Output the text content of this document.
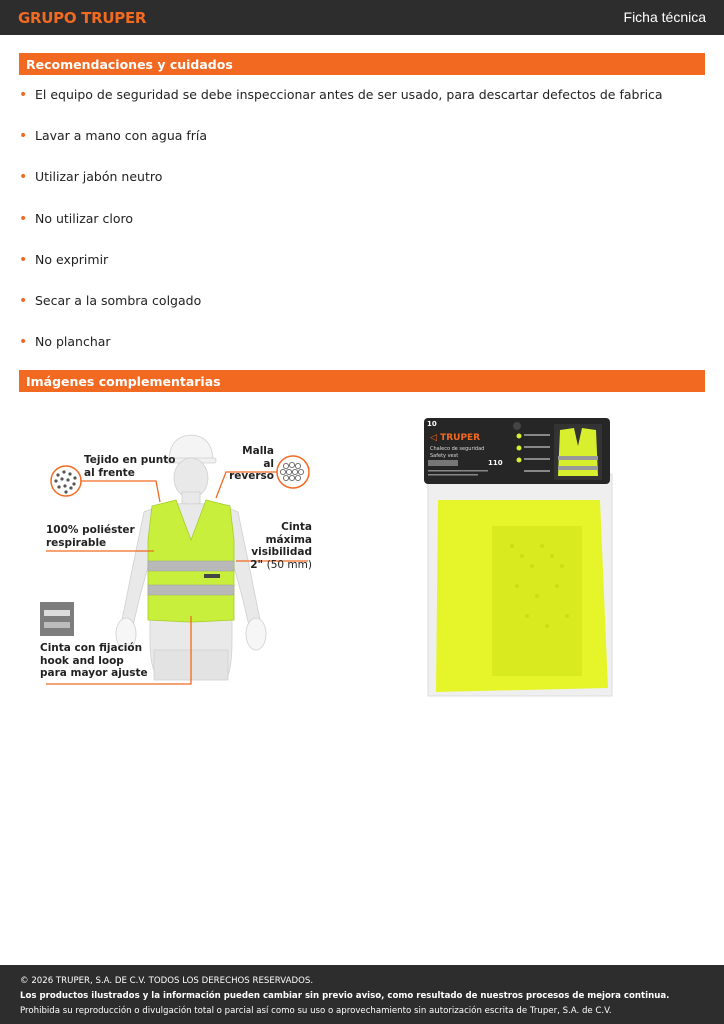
GRUPO TRUPER	Ficha técnica
Recomendaciones y cuidados
• El equipo de seguridad se debe inspeccionar antes de ser usado, para descartar defectos de fabrica
• Lavar a mano con agua fría
• Utilizar jabón neutro
• No utilizar cloro
• No exprimir
• Secar a la sombra colgado
• No planchar
Imágenes complementarias
Tejido en punto
al frente
Malla
al reverso
100% poliéster
respirable
Cinta máxima
visibilidad
2" (50 mm)
Cinta con fijación
hook and loop
para mayor ajuste
10
◁ TRUPER
Chaleco de seguridad
Safety vest
110
© 2026 TRUPER, S.A. DE C.V. TODOS LOS DERECHOS RESERVADOS.
Los productos ilustrados y la información pueden cambiar sin previo aviso, como resultado de nuestros procesos de mejora continua.
Prohibida su reproducción o divulgación total o parcial así como su uso o aprovechamiento sin autorización escrita de Truper, S.A. de C.V.
